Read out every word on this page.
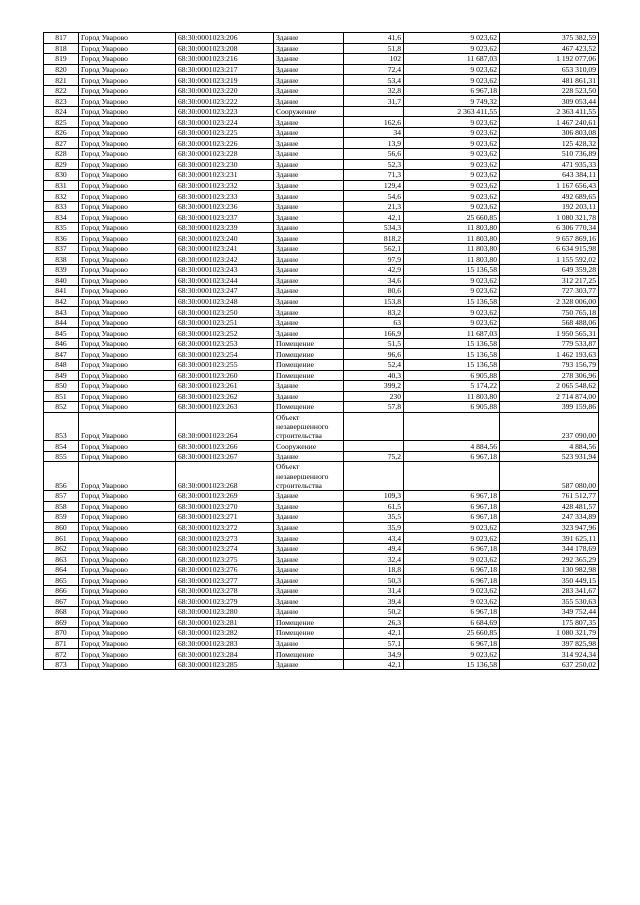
817	Город Уварово	68:30:0001023:206	Здание	41,6	9 023,62	375 382,59
818	Город Уварово	68:30:0001023:208	Здание	51,8	9 023,62	467 423,52
819	Город Уварово	68:30:0001023:216	Здание	102	11 687,03	1 192 077,06
820	Город Уварово	68:30:0001023:217	Здание	72,4	9 023,62	653 310,09
821	Город Уварово	68:30:0001023:219	Здание	53,4	9 023,62	481 861,31
822	Город Уварово	68:30:0001023:220	Здание	32,8	6 967,18	228 523,50
823	Город Уварово	68:30:0001023:222	Здание	31,7	9 749,32	309 053,44
824	Город Уварово	68:30:0001023:223	Сооружение		2 363 411,55	2 363 411,55
825	Город Уварово	68:30:0001023:224	Здание	162,6	9 023,62	1 467 240,61
826	Город Уварово	68:30:0001023:225	Здание	34	9 023,62	306 803,08
827	Город Уварово	68:30:0001023:226	Здание	13,9	9 023,62	125 428,32
828	Город Уварово	68:30:0001023:228	Здание	56,6	9 023,62	510 736,89
829	Город Уварово	68:30:0001023:230	Здание	52,3	9 023,62	471 935,33
830	Город Уварово	68:30:0001023:231	Здание	71,3	9 023,62	643 384,11
831	Город Уварово	68:30:0001023:232	Здание	129,4	9 023,62	1 167 656,43
832	Город Уварово	68:30:0001023:233	Здание	54,6	9 023,62	492 689,65
833	Город Уварово	68:30:0001023:236	Здание	21,3	9 023,62	192 203,11
834	Город Уварово	68:30:0001023:237	Здание	42,1	25 660,85	1 080 321,78
835	Город Уварово	68:30:0001023:239	Здание	534,3	11 803,80	6 306 770,34
836	Город Уварово	68:30:0001023:240	Здание	818,2	11 803,80	9 657 869,16
837	Город Уварово	68:30:0001023:241	Здание	562,1	11 803,80	6 634 915,98
838	Город Уварово	68:30:0001023:242	Здание	97,9	11 803,80	1 155 592,02
839	Город Уварово	68:30:0001023:243	Здание	42,9	15 136,58	649 359,28
840	Город Уварово	68:30:0001023:244	Здание	34,6	9 023,62	312 217,25
841	Город Уварово	68:30:0001023:247	Здание	80,6	9 023,62	727 303,77
842	Город Уварово	68:30:0001023:248	Здание	153,8	15 136,58	2 328 006,00
843	Город Уварово	68:30:0001023:250	Здание	83,2	9 023,62	750 765,18
844	Город Уварово	68:30:0001023:251	Здание	63	9 023,62	568 488,06
845	Город Уварово	68:30:0001023:252	Здание	166,9	11 687,03	1 950 565,31
846	Город Уварово	68:30:0001023:253	Помещение	51,5	15 136,58	779 533,87
847	Город Уварово	68:30:0001023:254	Помещение	96,6	15 136,58	1 462 193,63
848	Город Уварово	68:30:0001023:255	Помещение	52,4	15 136,58	793 156,79
849	Город Уварово	68:30:0001023:260	Помещение	40,3	6 905,88	278 306,96
850	Город Уварово	68:30:0001023:261	Здание	399,2	5 174,22	2 065 548,62
851	Город Уварово	68:30:0001023:262	Здание	230	11 803,80	2 714 874,00
852	Город Уварово	68:30:0001023:263	Помещение	57,8	6 905,88	399 159,86
853	Город Уварово	68:30:0001023:264	Объект незавершенного строительства			237 090,00
854	Город Уварово	68:30:0001023:266	Сооружение		4 884,56	4 884,56
855	Город Уварово	68:30:0001023:267	Здание	75,2	6 967,18	523 931,94
856	Город Уварово	68:30:0001023:268	Объект незавершенного строительства			587 080,00
857	Город Уварово	68:30:0001023:269	Здание	109,3	6 967,18	761 512,77
858	Город Уварово	68:30:0001023:270	Здание	61,5	6 967,18	428 481,57
859	Город Уварово	68:30:0001023:271	Здание	35,5	6 967,18	247 334,89
860	Город Уварово	68:30:0001023:272	Здание	35,9	9 023,62	323 947,96
861	Город Уварово	68:30:0001023:273	Здание	43,4	9 023,62	391 625,11
862	Город Уварово	68:30:0001023:274	Здание	49,4	6 967,18	344 178,69
863	Город Уварово	68:30:0001023:275	Здание	32,4	9 023,62	292 365,29
864	Город Уварово	68:30:0001023:276	Здание	18,8	6 967,18	130 982,98
865	Город Уварово	68:30:0001023:277	Здание	50,3	6 967,18	350 449,15
866	Город Уварово	68:30:0001023:278	Здание	31,4	9 023,62	283 341,67
867	Город Уварово	68:30:0001023:279	Здание	39,4	9 023,62	355 530,63
868	Город Уварово	68:30:0001023:280	Здание	50,2	6 967,18	349 752,44
869	Город Уварово	68:30:0001023:281	Помещение	26,3	6 684,69	175 807,35
870	Город Уварово	68:30:0001023:282	Помещение	42,1	25 660,85	1 080 321,79
871	Город Уварово	68:30:0001023:283	Здание	57,1	6 967,18	397 825,98
872	Город Уварово	68:30:0001023:284	Помещение	34,9	9 023,62	314 924,34
873	Город Уварово	68:30:0001023:285	Здание	42,1	15 136,58	637 250,02
